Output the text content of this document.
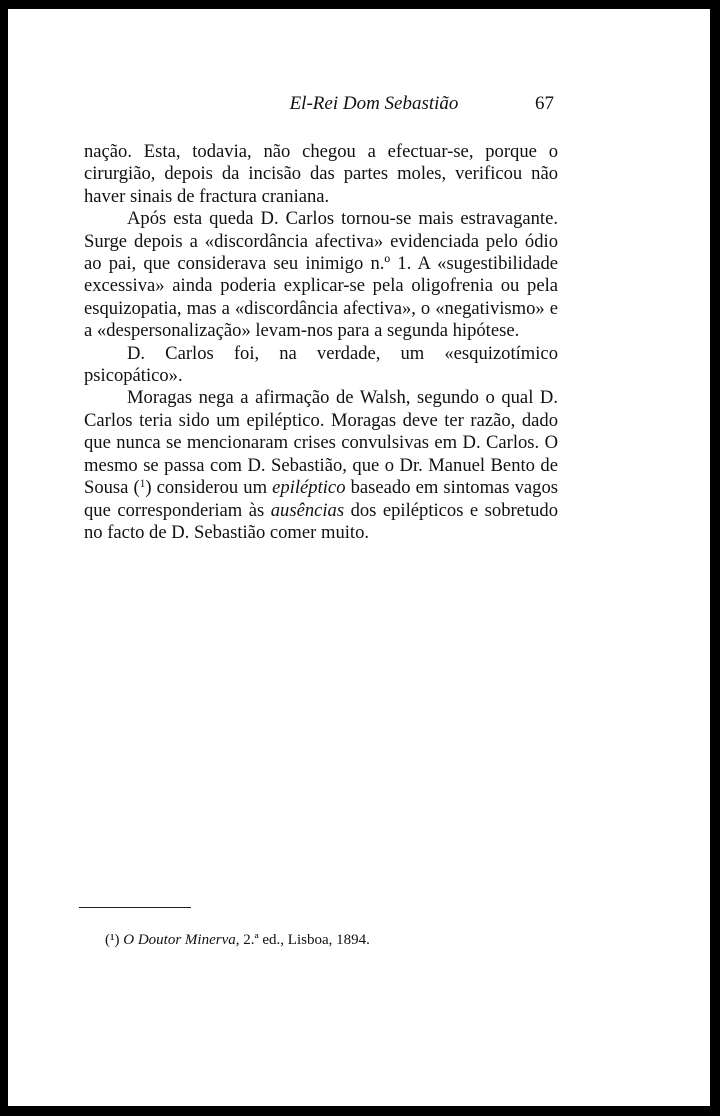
El-Rei Dom Sebastião	67

nação. Esta, todavia, não chegou a efectuar-se, porque o cirurgião, depois da incisão das partes moles, verificou não haver sinais de fractura craniana.

Após esta queda D. Carlos tornou-se mais estravagante. Surge depois a «discordância afectiva» evidenciada pelo ódio ao pai, que considerava seu inimigo n.º 1. A «sugestibilidade excessiva» ainda poderia explicar-se pela oligofrenia ou pela esquizopatia, mas a «discordância afectiva», o «negativismo» e a «despersonalização» levam-nos para a segunda hipótese.

D. Carlos foi, na verdade, um «esquizotímico psicopático».

Moragas nega a afirmação de Walsh, segundo o qual D. Carlos teria sido um epiléptico. Moragas deve ter razão, dado que nunca se mencionaram crises convulsivas em D. Carlos. O mesmo se passa com D. Sebastião, que o Dr. Manuel Bento de Sousa ($^1$) considerou um epiléptico baseado em sintomas vagos que corresponderiam às ausências dos epilépticos e sobretudo no facto de D. Sebastião comer muito.

(¹) O Doutor Minerva, 2.ª ed., Lisboa, 1894.
